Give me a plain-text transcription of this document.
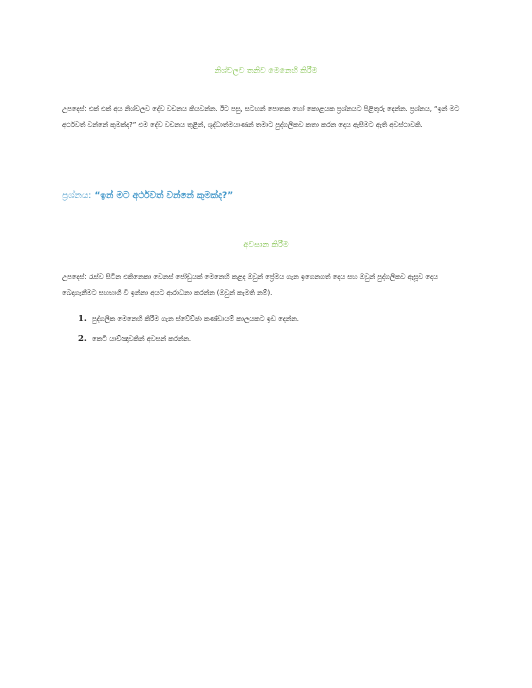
නිශ්චලව තනිව මෙනෙහි කිරීම

උපදෙස්: එක් එක් අය නිශ්චලව දේව වචනය කියවන්න. ඊට පසු, සටහන් පොතක හෝ කොළයක ප්‍රශ්නයට පිළිතුරු දෙන්න. ප්‍රශ්නය, “ඉන් මට අර්ථවත් වන්නේ කුමක්ද?” එම දේව වචනය තුළින්, ශුද්ධාත්මයාණන් තමාට පුද්ගලිකව කතා කරන දෙය ඇසීමට ඇති අවස්ථාවකි.

ප්‍රශ්නය: “ඉන් මට අර්ථවත් වන්නේ කුමක්ද?”

අවසාන කිරීම

උපදෙස්: රැස්ව සිටින එකිනෙකා වෙනස් ජෝඩුයක් මෙනෙහි කළද ඔවුන් ප්‍රේමය ගැන ඉගෙනගත් දෙය සහ ඔවුන් පුද්ගලිකව ඇසූව දෙය බෙදාගැනීමට සහභාගී වී ඉන්නා අයට ආරාධනා කරන්න (ඔවුන් කැමති නම්).

1. පුද්ගලික මෙනෙහි කිරීම ගැන ස්වේච්ඡා කණ්ඩායම් කාලයකට ඉඩ දෙන්න.
2. කෙටි යාච්ඤාවකින් අවසන් කරන්න.
